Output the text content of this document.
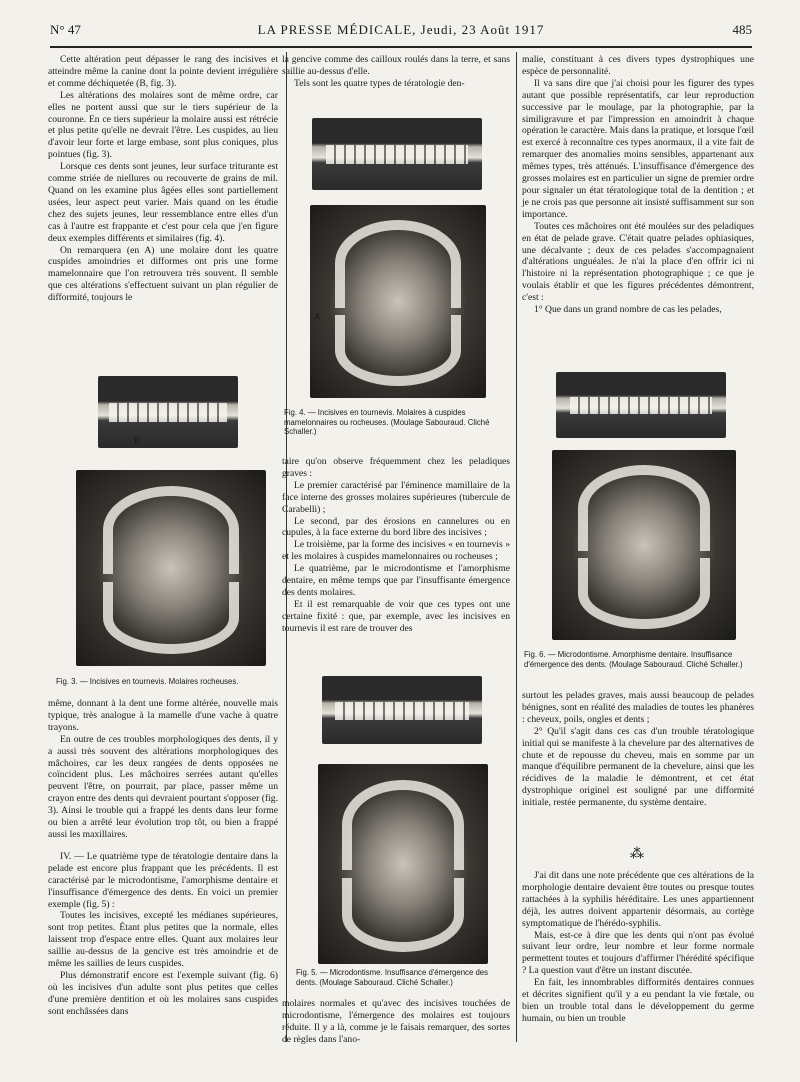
N° 47	LA PRESSE MÉDICALE, Jeudi, 23 Août 1917	485

Cette altération peut dépasser le rang des incisives et atteindre même la canine dont la pointe devient irrégulière et comme déchiquetée (B, fig. 3).

Les altérations des molaires sont de même ordre, car elles ne portent aussi que sur le tiers supérieur de la couronne. En ce tiers supérieur la molaire aussi est rétrécie et plus petite qu'elle ne devrait l'être. Les cuspides, au lieu d'avoir leur forte et large embase, sont plus coniques, plus pointues (fig. 3).

Lorsque ces dents sont jeunes, leur surface triturante est comme striée de niellures ou recouverte de grains de mil. Quand on les examine plus âgées elles sont partiellement usées, leur aspect peut varier. Mais quand on les étudie chez des sujets jeunes, leur ressemblance entre elles d'un cas à l'autre est frappante et c'est pour cela que j'en figure deux exemples différents et similaires (fig. 4).

On remarquera (en A) une molaire dont les quatre cuspides amoindries et difformes ont pris une forme mamelonnaire que l'on retrouvera très souvent. Il semble que ces altérations s'effectuent suivant un plan régulier de difformité, toujours le

B
Fig. 3. — Incisives en tournevis. Molaires rocheuses.

même, donnant à la dent une forme altérée, nouvelle mais typique, très analogue à la mamelle d'une vache à quatre trayons.

En outre de ces troubles morphologiques des dents, il y a aussi très souvent des altérations morphologiques des mâchoires, car les deux rangées de dents opposées ne coïncident plus. Les mâchoires serrées autant qu'elles peuvent l'être, on pourrait, par place, passer même un crayon entre des dents qui devraient pourtant s'opposer (fig. 3). Ainsi le trouble qui a frappé les dents dans leur forme ou bien a arrêté leur évolution trop tôt, ou bien a frappé aussi les maxillaires.

IV. — Le quatrième type de tératologie dentaire dans la pelade est encore plus frappant que les précédents. Il est caractérisé par le microdontisme, l'amorphisme dentaire et l'insuffisance d'émergence des dents. En voici un premier exemple (fig. 5) :

Toutes les incisives, excepté les médianes supérieures, sont trop petites. Étant plus petites que la normale, elles laissent trop d'espace entre elles. Quant aux molaires leur saillie au-dessus de la gencive est très amoindrie et de même les saillies de leurs cuspides.

Plus démonstratif encore est l'exemple suivant (fig. 6) où les incisives d'un adulte sont plus petites que celles d'une première dentition et où les molaires sans cuspides sont enchâssées dans

la gencive comme des cailloux roulés dans la terre, et sans saillie au-dessus d'elle.

Tels sont les quatre types de tératologie den-

A
Fig. 4. — Incisives en tournevis. Molaires à cuspides mamelonnaires ou rocheuses. (Moulage Sabouraud. Cliché Schaller.)

taire qu'on observe fréquemment chez les peladiques graves :

Le premier caractérisé par l'éminence mamillaire de la face interne des grosses molaires supérieures (tubercule de Carabelli) ;

Le second, par des érosions en cannelures ou en cupules, à la face externe du bord libre des incisives ;

Le troisième, par la forme des incisives « en tournevis » et les molaires à cuspides mamelonnaires ou rocheuses ;

Le quatrième, par le microdontisme et l'amorphisme dentaire, en même temps que par l'insuffisante émergence des dents molaires.

Et il est remarquable de voir que ces types ont une certaine fixité : que, par exemple, avec les incisives en tournevis il est rare de trouver des

Fig. 5. — Microdontisme. Insuffisance d'émergence des dents. (Moulage Sabouraud. Cliché Schaller.)

molaires normales et qu'avec des incisives touchées de microdontisme, l'émergence des molaires est toujours réduite. Il y a là, comme je le faisais remarquer, des sortes de règles dans l'ano-

malie, constituant à ces divers types dystrophiques une espèce de personnalité.

Il va sans dire que j'ai choisi pour les figurer des types autant que possible représentatifs, car leur reproduction successive par le moulage, par la photographie, par la similigravure et par l'impression en amoindrit à chaque opération le caractère. Mais dans la pratique, et lorsque l'œil est exercé à reconnaître ces types anormaux, il a vite fait de remarquer des anomalies moins sensibles, appartenant aux mêmes types, très atténués. L'insuffisance d'émergence des grosses molaires est en particulier un signe de premier ordre pour signaler un état tératologique total de la dentition ; et je ne crois pas que personne ait insisté suffisamment sur son importance.

Toutes ces mâchoires ont été moulées sur des peladiques en état de pelade grave. C'était quatre pelades ophiasiques, une décalvante ; deux de ces pelades s'accompagnaient d'altérations unguéales. Je n'ai la place d'en offrir ici ni l'histoire ni la représentation photographique ; ce que je voulais établir et que les figures précédentes démontrent, c'est :

1° Que dans un grand nombre de cas les pelades,

Fig. 6. — Microdontisme. Amorphisme dentaire. Insuffisance d'émergence des dents. (Moulage Sabouraud. Cliché Schaller.)

surtout les pelades graves, mais aussi beaucoup de pelades bénignes, sont en réalité des maladies de toutes les phanères : cheveux, poils, ongles et dents ;

2° Qu'il s'agit dans ces cas d'un trouble tératologique initial qui se manifeste à la chevelure par des alternatives de chute et de repousse du cheveu, mais en somme par un manque d'équilibre permanent de la chevelure, ainsi que les récidives de la maladie le démontrent, et cet état dystrophique originel est souligné par une difformité initiale, restée permanente, du système dentaire.

⁂

J'ai dit dans une note précédente que ces altérations de la morphologie dentaire devaient être toutes ou presque toutes rattachées à la syphilis héréditaire. Les unes appartiennent déjà, les autres doivent appartenir désormais, au cortège symptomatique de l'hérédo-syphilis.

Mais, est-ce à dire que les dents qui n'ont pas évolué suivant leur ordre, leur nombre et leur forme normale permettent toutes et toujours d'affirmer l'hérédité spécifique ? La question vaut d'être un instant discutée.

En fait, les innombrables difformités dentaires connues et décrites signifient qu'il y a eu pendant la vie fœtale, ou bien un trouble total dans le développement du germe humain, ou bien un trouble
